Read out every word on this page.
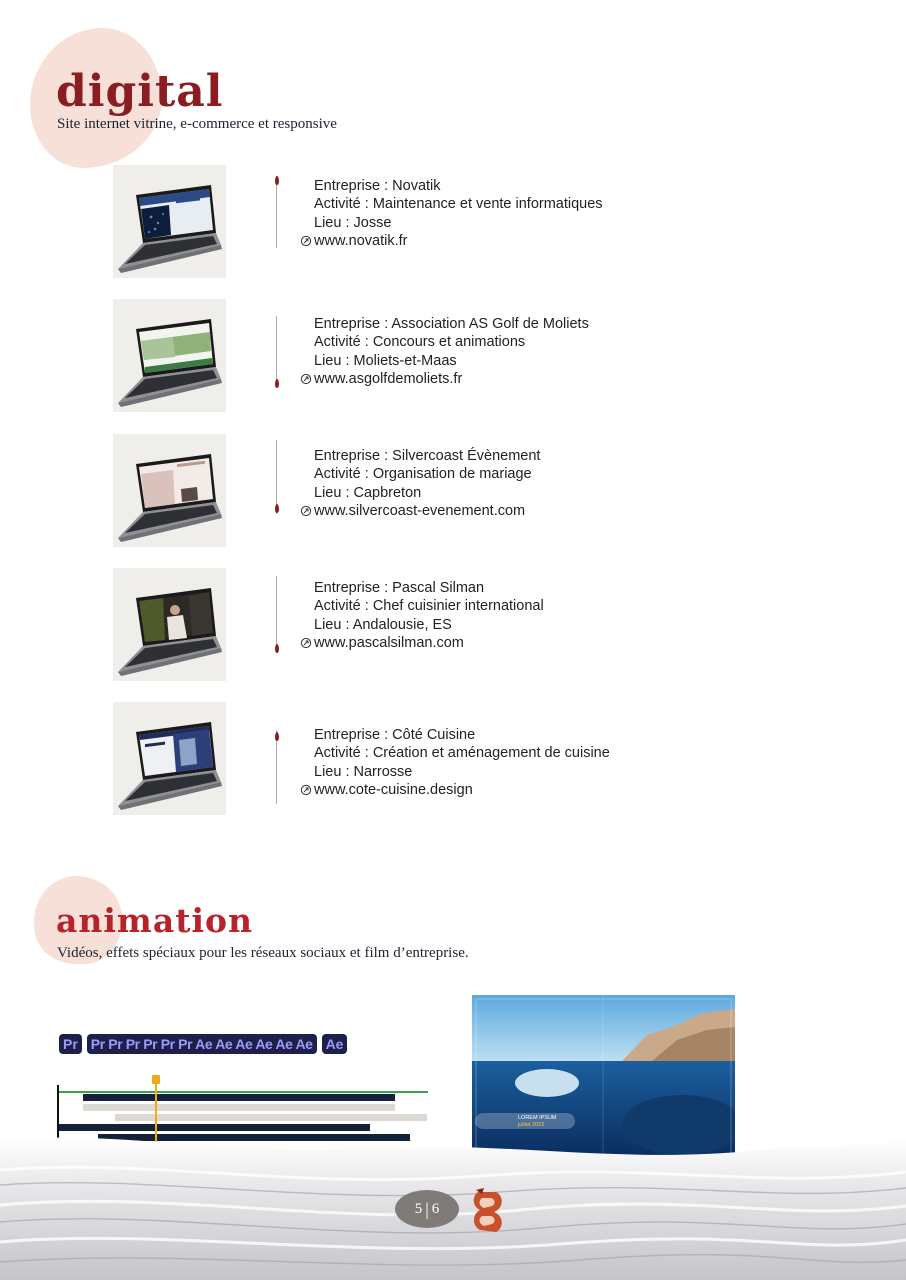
digital
Site internet vitrine, e-commerce et responsive
Entreprise : Novatik
Activité : Maintenance et vente informatiques
Lieu : Josse
www.novatik.fr
Entreprise : Association AS Golf de Moliets
Activité : Concours et animations
Lieu : Moliets-et-Maas
www.asgolfdemoliets.fr
Entreprise : Silvercoast Évènement
Activité : Organisation de mariage
Lieu : Capbreton
www.silvercoast-evenement.com
Entreprise : Pascal Silman
Activité : Chef cuisinier international
Lieu : Andalousie, ES
www.pascalsilman.com
Entreprise : Côté Cuisine
Activité : Création et aménagement de cuisine
Lieu : Narrosse
www.cote-cuisine.design
animation
Vidéos, effets spéciaux pour les réseaux sociaux et film d’entreprise.
Pr Pr Pr Pr Pr Pr Pr Ae Ae Ae Ae Ae Ae Ae
LOREM IPSUM
juillet 2022
5 | 6
